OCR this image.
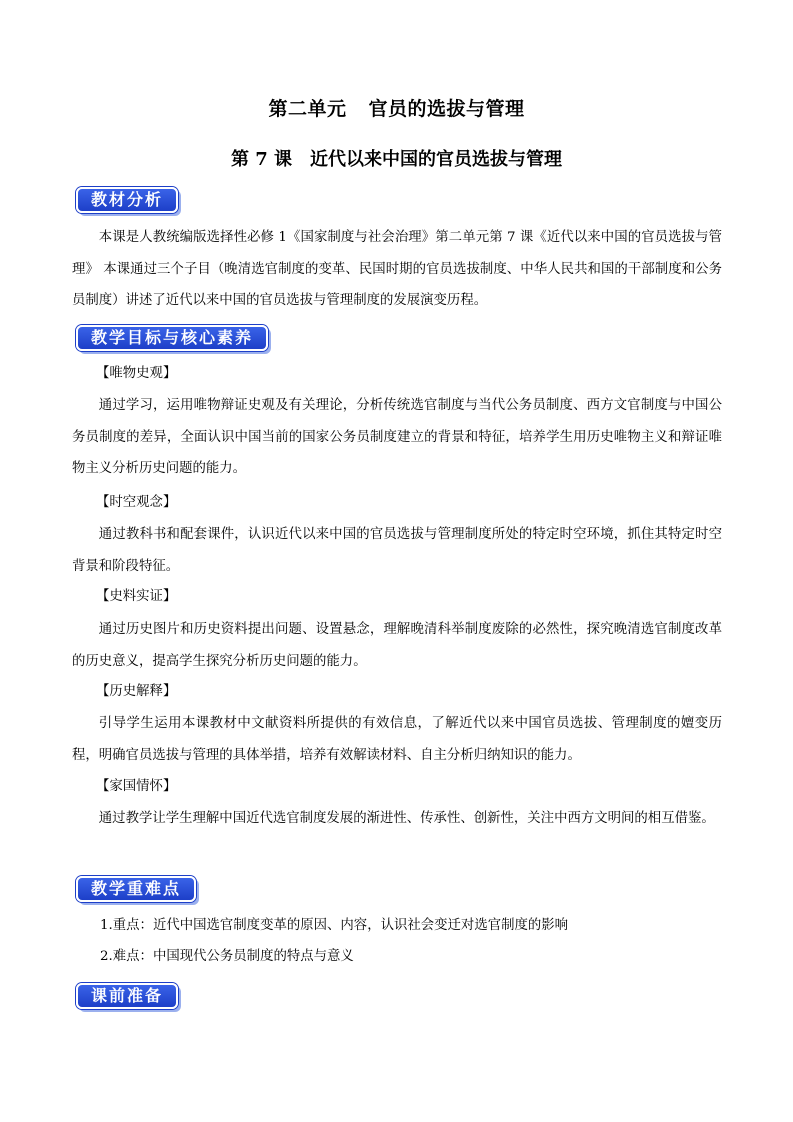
第二单元 官员的选拔与管理
第 7 课 近代以来中国的官员选拔与管理
教材分析
本课是人教统编版选择性必修 1《国家制度与社会治理》第二单元第 7 课《近代以来中国的官员选拔与管理》 本课通过三个子目（晚清选官制度的变革、民国时期的官员选拔制度、中华人民共和国的干部制度和公务员制度）讲述了近代以来中国的官员选拔与管理制度的发展演变历程。
教学目标与核心素养
【唯物史观】
通过学习，运用唯物辩证史观及有关理论，分析传统选官制度与当代公务员制度、西方文官制度与中国公务员制度的差异，全面认识中国当前的国家公务员制度建立的背景和特征，培养学生用历史唯物主义和辩证唯物主义分析历史问题的能力。
【时空观念】
通过教科书和配套课件，认识近代以来中国的官员选拔与管理制度所处的特定时空环境，抓住其特定时空背景和阶段特征。
【史料实证】
通过历史图片和历史资料提出问题、设置悬念，理解晚清科举制度废除的必然性，探究晚清选官制度改革的历史意义，提高学生探究分析历史问题的能力。
【历史解释】
引导学生运用本课教材中文献资料所提供的有效信息，了解近代以来中国官员选拔、管理制度的嬗变历程，明确官员选拔与管理的具体举措，培养有效解读材料、自主分析归纳知识的能力。
【家国情怀】
通过教学让学生理解中国近代选官制度发展的渐进性、传承性、创新性，关注中西方文明间的相互借鉴。
教学重难点
1.重点：近代中国选官制度变革的原因、内容，认识社会变迁对选官制度的影响
2.难点：中国现代公务员制度的特点与意义
课前准备
